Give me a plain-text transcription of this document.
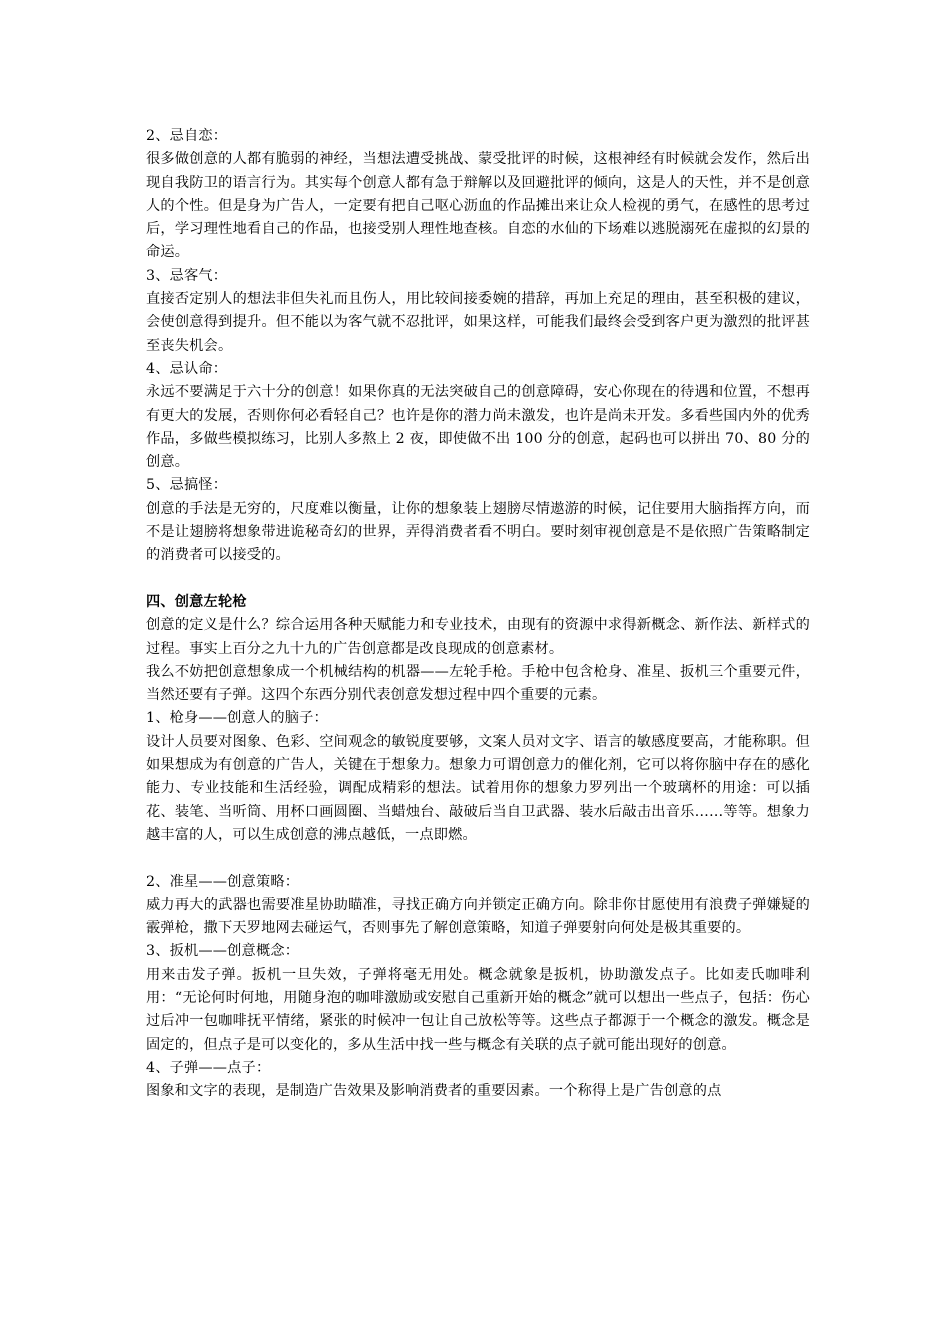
2、忌自恋：

很多做创意的人都有脆弱的神经，当想法遭受挑战、蒙受批评的时候，这根神经有时候就会发作，然后出现自我防卫的语言行为。其实每个创意人都有急于辩解以及回避批评的倾向，这是人的天性，并不是创意人的个性。但是身为广告人，一定要有把自己呕心沥血的作品摊出来让众人检视的勇气，在感性的思考过后，学习理性地看自己的作品，也接受别人理性地查核。自恋的水仙的下场难以逃脱溺死在虚拟的幻景的命运。

3、忌客气：

直接否定别人的想法非但失礼而且伤人，用比较间接委婉的措辞，再加上充足的理由，甚至积极的建议，会使创意得到提升。但不能以为客气就不忍批评，如果这样，可能我们最终会受到客户更为激烈的批评甚至丧失机会。

4、忌认命：

永远不要满足于六十分的创意！如果你真的无法突破自己的创意障碍，安心你现在的待遇和位置，不想再有更大的发展，否则你何必看轻自己？也许是你的潜力尚未激发，也许是尚未开发。多看些国内外的优秀作品，多做些模拟练习，比别人多熬上 2 夜，即使做不出 100 分的创意，起码也可以拼出 70、80 分的创意。

5、忌搞怪：

创意的手法是无穷的，尺度难以衡量，让你的想象装上翅膀尽情遨游的时候，记住要用大脑指挥方向，而不是让翅膀将想象带进诡秘奇幻的世界，弄得消费者看不明白。要时刻审视创意是不是依照广告策略制定的消费者可以接受的。

四、创意左轮枪

创意的定义是什么？综合运用各种天赋能力和专业技术，由现有的资源中求得新概念、新作法、新样式的过程。事实上百分之九十九的广告创意都是改良现成的创意素材。

我么不妨把创意想象成一个机械结构的机器——左轮手枪。手枪中包含枪身、准星、扳机三个重要元件，当然还要有子弹。这四个东西分别代表创意发想过程中四个重要的元素。

1、枪身——创意人的脑子：

设计人员要对图象、色彩、空间观念的敏锐度要够，文案人员对文字、语言的敏感度要高，才能称职。但如果想成为有创意的广告人，关键在于想象力。想象力可谓创意力的催化剂，它可以将你脑中存在的感化能力、专业技能和生活经验，调配成精彩的想法。试着用你的想象力罗列出一个玻璃杯的用途：可以插花、装笔、当听筒、用杯口画圆圈、当蜡烛台、敲破后当自卫武器、装水后敲击出音乐……等等。想象力越丰富的人，可以生成创意的沸点越低，一点即燃。

2、准星——创意策略：

威力再大的武器也需要准星协助瞄准，寻找正确方向并锁定正确方向。除非你甘愿使用有浪费子弹嫌疑的霰弹枪，撒下天罗地网去碰运气，否则事先了解创意策略，知道子弹要射向何处是极其重要的。

3、扳机——创意概念：

用来击发子弹。扳机一旦失效，子弹将毫无用处。概念就象是扳机，协助激发点子。比如麦氏咖啡利用：“无论何时何地，用随身泡的咖啡激励或安慰自己重新开始的概念”就可以想出一些点子，包括：伤心过后冲一包咖啡抚平情绪，紧张的时候冲一包让自己放松等等。这些点子都源于一个概念的激发。概念是固定的，但点子是可以变化的，多从生活中找一些与概念有关联的点子就可能出现好的创意。

4、子弹——点子：

图象和文字的表现，是制造广告效果及影响消费者的重要因素。一个称得上是广告创意的点
